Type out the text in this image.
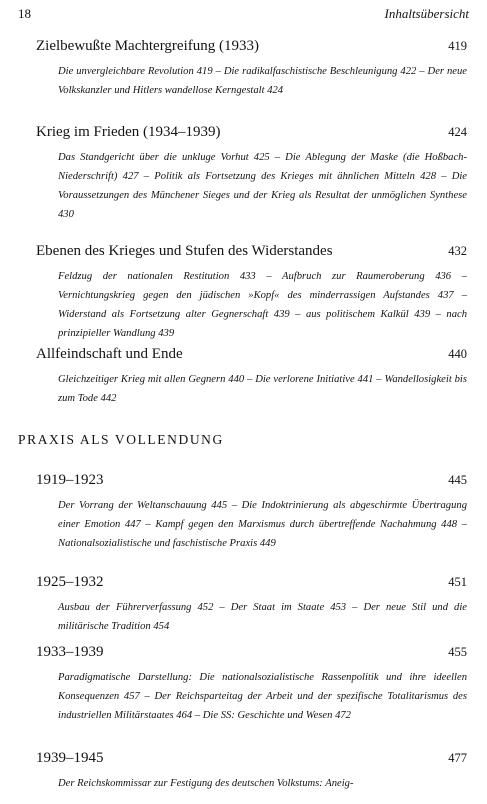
18	Inhaltsübersicht
Zielbewußte Machtergreifung (1933)	419
Die unvergleichbare Revolution 419 – Die radikalfaschistische Beschleunigung 422 – Der neue Volkskanzler und Hitlers wandellose Kerngestalt 424
Krieg im Frieden (1934–1939)	424
Das Standgericht über die unkluge Vorhut 425 – Die Ablegung der Maske (die Hoßbach-Niederschrift) 427 – Politik als Fortsetzung des Krieges mit ähnlichen Mitteln 428 – Die Voraussetzungen des Münchener Sieges und der Krieg als Resultat der unmöglichen Synthese 430
Ebenen des Krieges und Stufen des Widerstandes	432
Feldzug der nationalen Restitution 433 – Aufbruch zur Raumeroberung 436 – Vernichtungskrieg gegen den jüdischen »Kopf« des minderrassigen Aufstandes 437 – Widerstand als Fortsetzung alter Gegnerschaft 439 – aus politischem Kalkül 439 – nach prinzipieller Wandlung 439
Allfeindschaft und Ende	440
Gleichzeitiger Krieg mit allen Gegnern 440 – Die verlorene Initiative 441 – Wandellosigkeit bis zum Tode 442
PRAXIS ALS VOLLENDUNG
1919–1923	445
Der Vorrang der Weltanschauung 445 – Die Indoktrinierung als abgeschirmte Übertragung einer Emotion 447 – Kampf gegen den Marxismus durch übertreffende Nachahmung 448 – Nationalsozialistische und faschistische Praxis 449
1925–1932	451
Ausbau der Führerverfassung 452 – Der Staat im Staate 453 – Der neue Stil und die militärische Tradition 454
1933–1939	455
Paradigmatische Darstellung: Die nationalsozialistische Rassenpolitik und ihre ideellen Konsequenzen 457 – Der Reichsparteitag der Arbeit und der spezifische Totalitarismus des industriellen Militärstaates 464 – Die SS: Geschichte und Wesen 472
1939–1945	477
Der Reichskommissar zur Festigung des deutschen Volkstums: Aneig-
